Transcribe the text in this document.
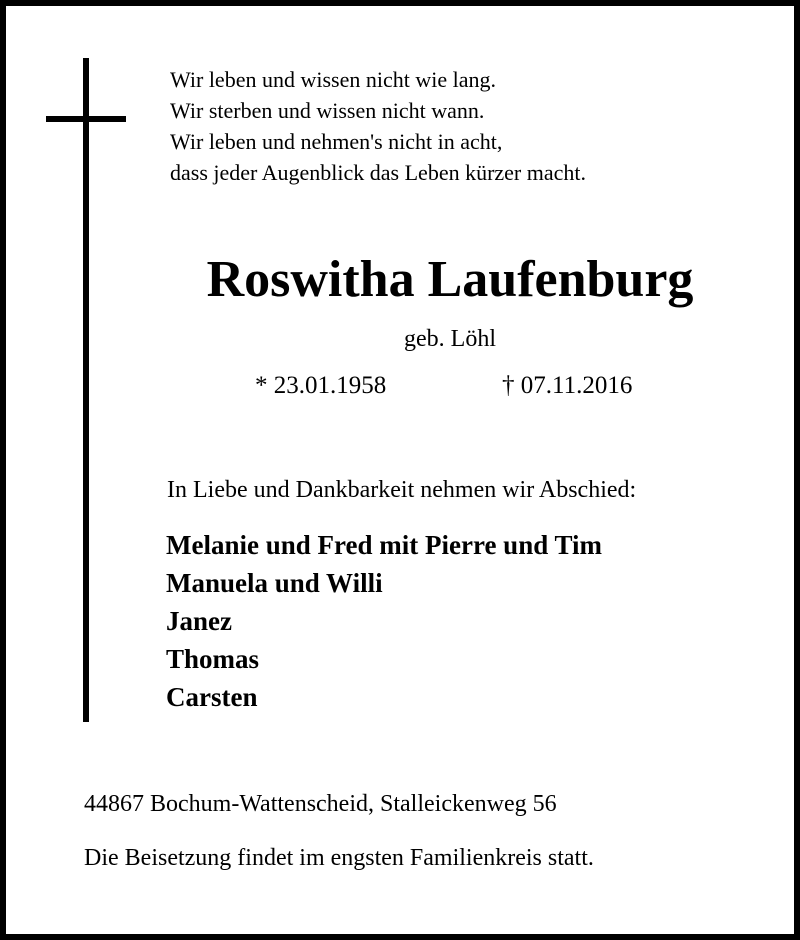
Wir leben und wissen nicht wie lang.
Wir sterben und wissen nicht wann.
Wir leben und nehmen's nicht in acht,
dass jeder Augenblick das Leben kürzer macht.
Roswitha Laufenburg
geb. Löhl
* 23.01.1958	† 07.11.2016
In Liebe und Dankbarkeit nehmen wir Abschied:
Melanie und Fred mit Pierre und Tim
Manuela und Willi
Janez
Thomas
Carsten
44867 Bochum-Wattenscheid, Stalleickenweg 56
Die Beisetzung findet im engsten Familienkreis statt.
